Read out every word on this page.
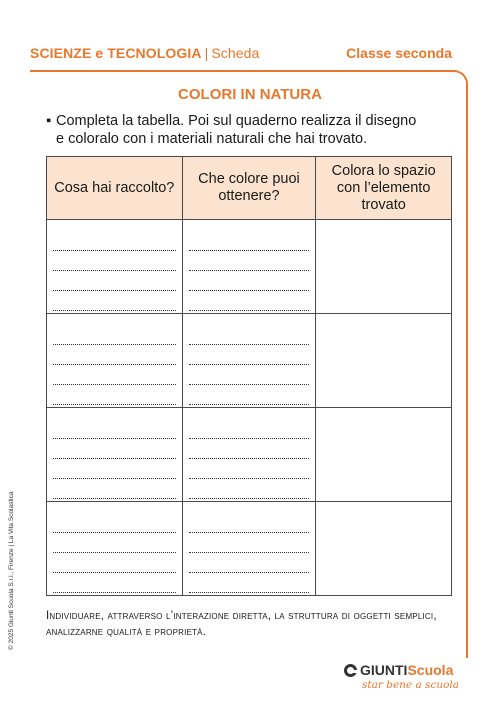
SCIENZE e TECNOLOGIA | Scheda	Classe seconda
COLORI IN NATURA
▪ Completa la tabella. Poi sul quaderno realizza il disegno
e coloralo con i materiali naturali che hai trovato.
Cosa hai raccolto?	Che colore puoi ottenere?	Colora lo spazio con l’elemento trovato

Individuare, attraverso l’interazione diretta, la struttura di oggetti semplici, analizzarne qualità e proprietà.
© 2025 Giunti Scuola S.r.l., Firenze | La Vita Scolastica
GIUNTI Scuola
star bene a scuola
